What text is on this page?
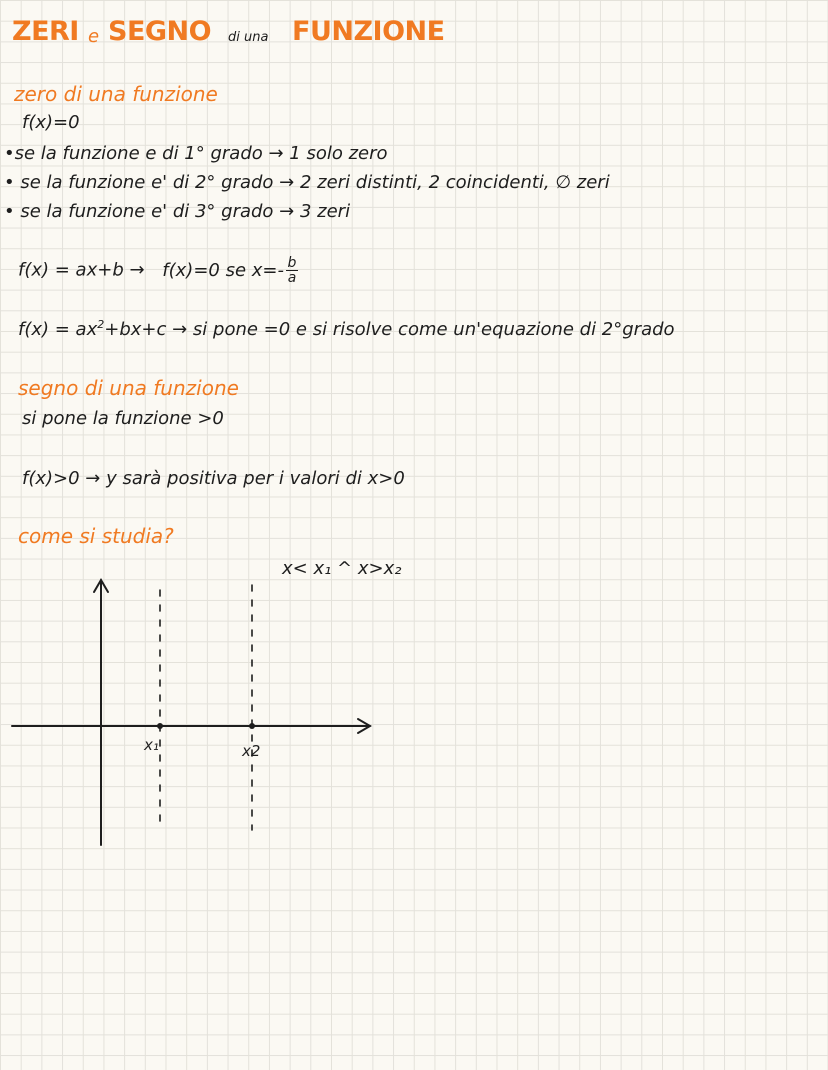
ZERI e SEGNO di una FUNZIONE
zero di una funzione
f(x)=0
•se la funzione e di 1° grado → 1 solo zero
• se la funzione e' di 2° grado → 2 zeri distinti, 2 coincidenti, ∅ zeri
• se la funzione e' di 3° grado → 3 zeri
f(x) = ax+b → f(x)=0 se $x=- \frac{b}{a}$
$f(x) = ax^2+bx+c$ → si pone =0 e si risolve come un'equazione di 2°grado
segno di una funzione
si pone la funzione >0
f(x)>0 → y sarà positiva per i valori di x>0
come si studia?
x< x₁ ^ x>x₂
x₁	x2
